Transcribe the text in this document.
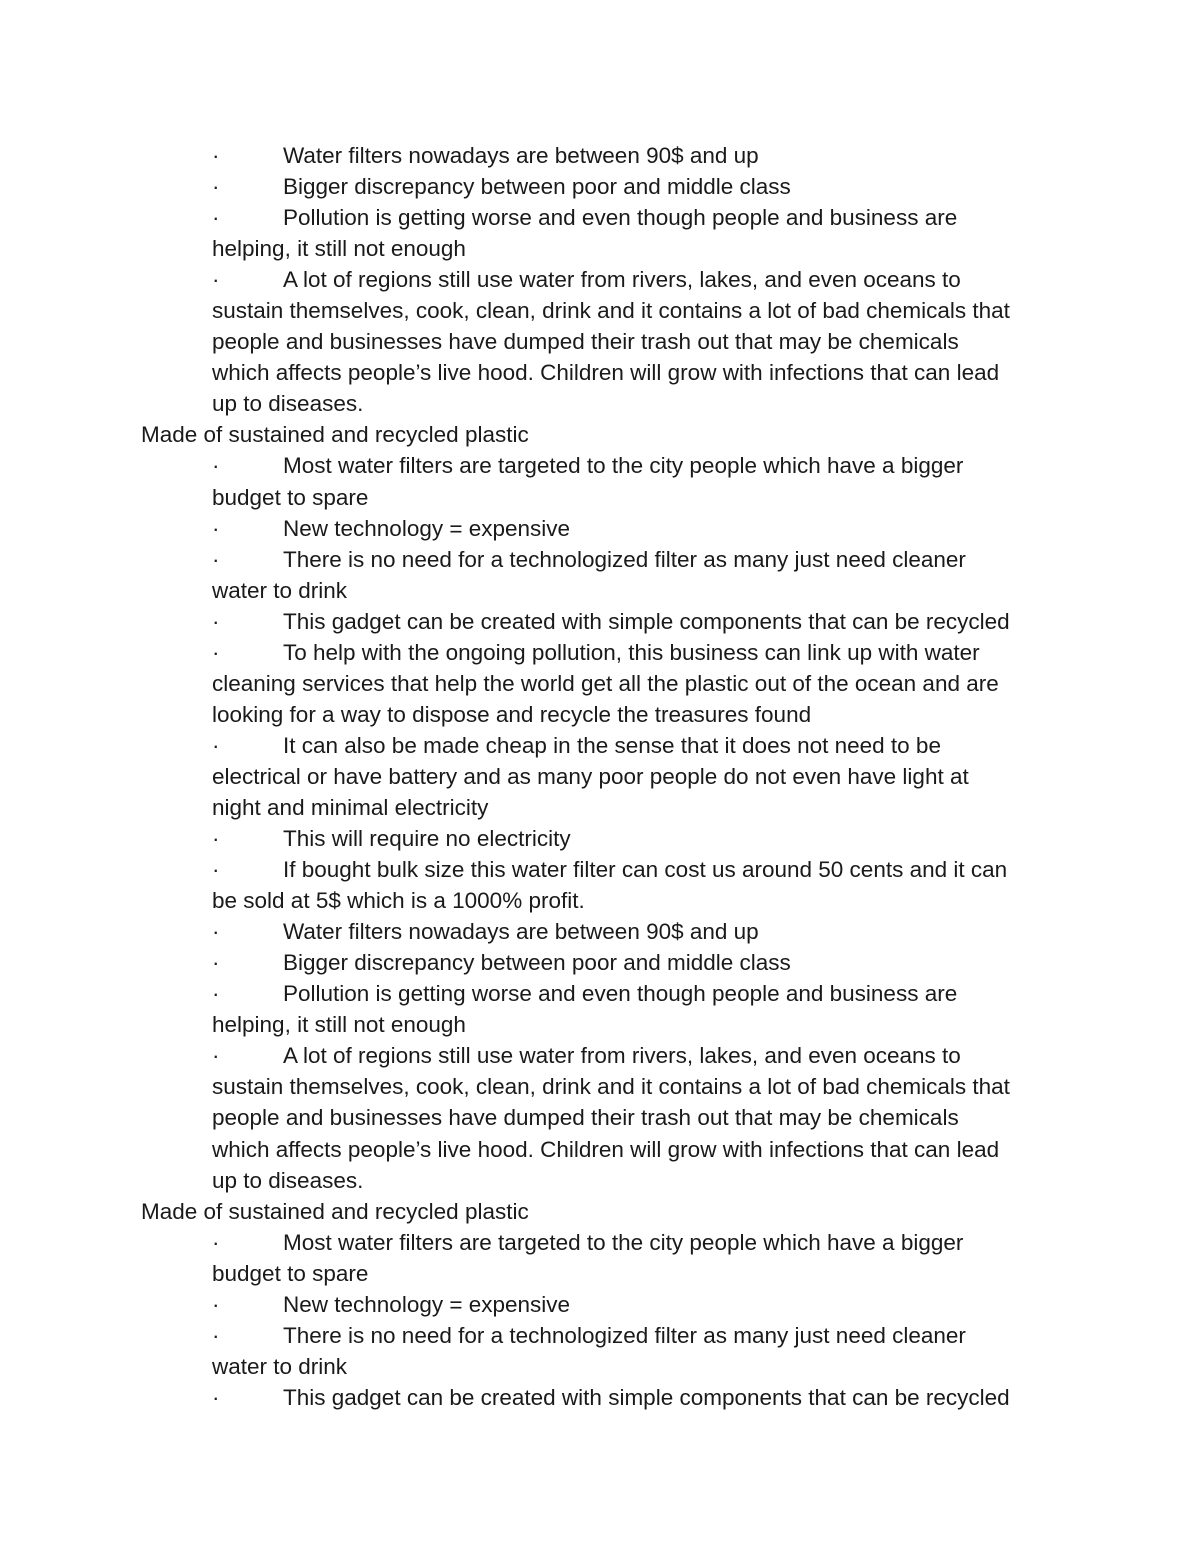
·	Water filters nowadays are between 90$ and up
·	Bigger discrepancy between poor and middle class
·	Pollution is getting worse and even though people and business are
helping, it still not enough
·	A lot of regions still use water from rivers, lakes, and even oceans to
sustain themselves, cook, clean, drink and it contains a lot of bad chemicals that
people and businesses have dumped their trash out that may be chemicals
which affects people’s live hood. Children will grow with infections that can lead
up to diseases.
Made of sustained and recycled plastic
·	Most water filters are targeted to the city people which have a bigger
budget to spare
·	New technology = expensive
·	There is no need for a technologized filter as many just need cleaner
water to drink
·	This gadget can be created with simple components that can be recycled
·	To help with the ongoing pollution, this business can link up with water
cleaning services that help the world get all the plastic out of the ocean and are
looking for a way to dispose and recycle the treasures found
·	It can also be made cheap in the sense that it does not need to be
electrical or have battery and as many poor people do not even have light at
night and minimal electricity
·	This will require no electricity
·	If bought bulk size this water filter can cost us around 50 cents and it can
be sold at 5$ which is a 1000% profit.
·	Water filters nowadays are between 90$ and up
·	Bigger discrepancy between poor and middle class
·	Pollution is getting worse and even though people and business are
helping, it still not enough
·	A lot of regions still use water from rivers, lakes, and even oceans to
sustain themselves, cook, clean, drink and it contains a lot of bad chemicals that
people and businesses have dumped their trash out that may be chemicals
which affects people’s live hood. Children will grow with infections that can lead
up to diseases.
Made of sustained and recycled plastic
·	Most water filters are targeted to the city people which have a bigger
budget to spare
·	New technology = expensive
·	There is no need for a technologized filter as many just need cleaner
water to drink
·	This gadget can be created with simple components that can be recycled
